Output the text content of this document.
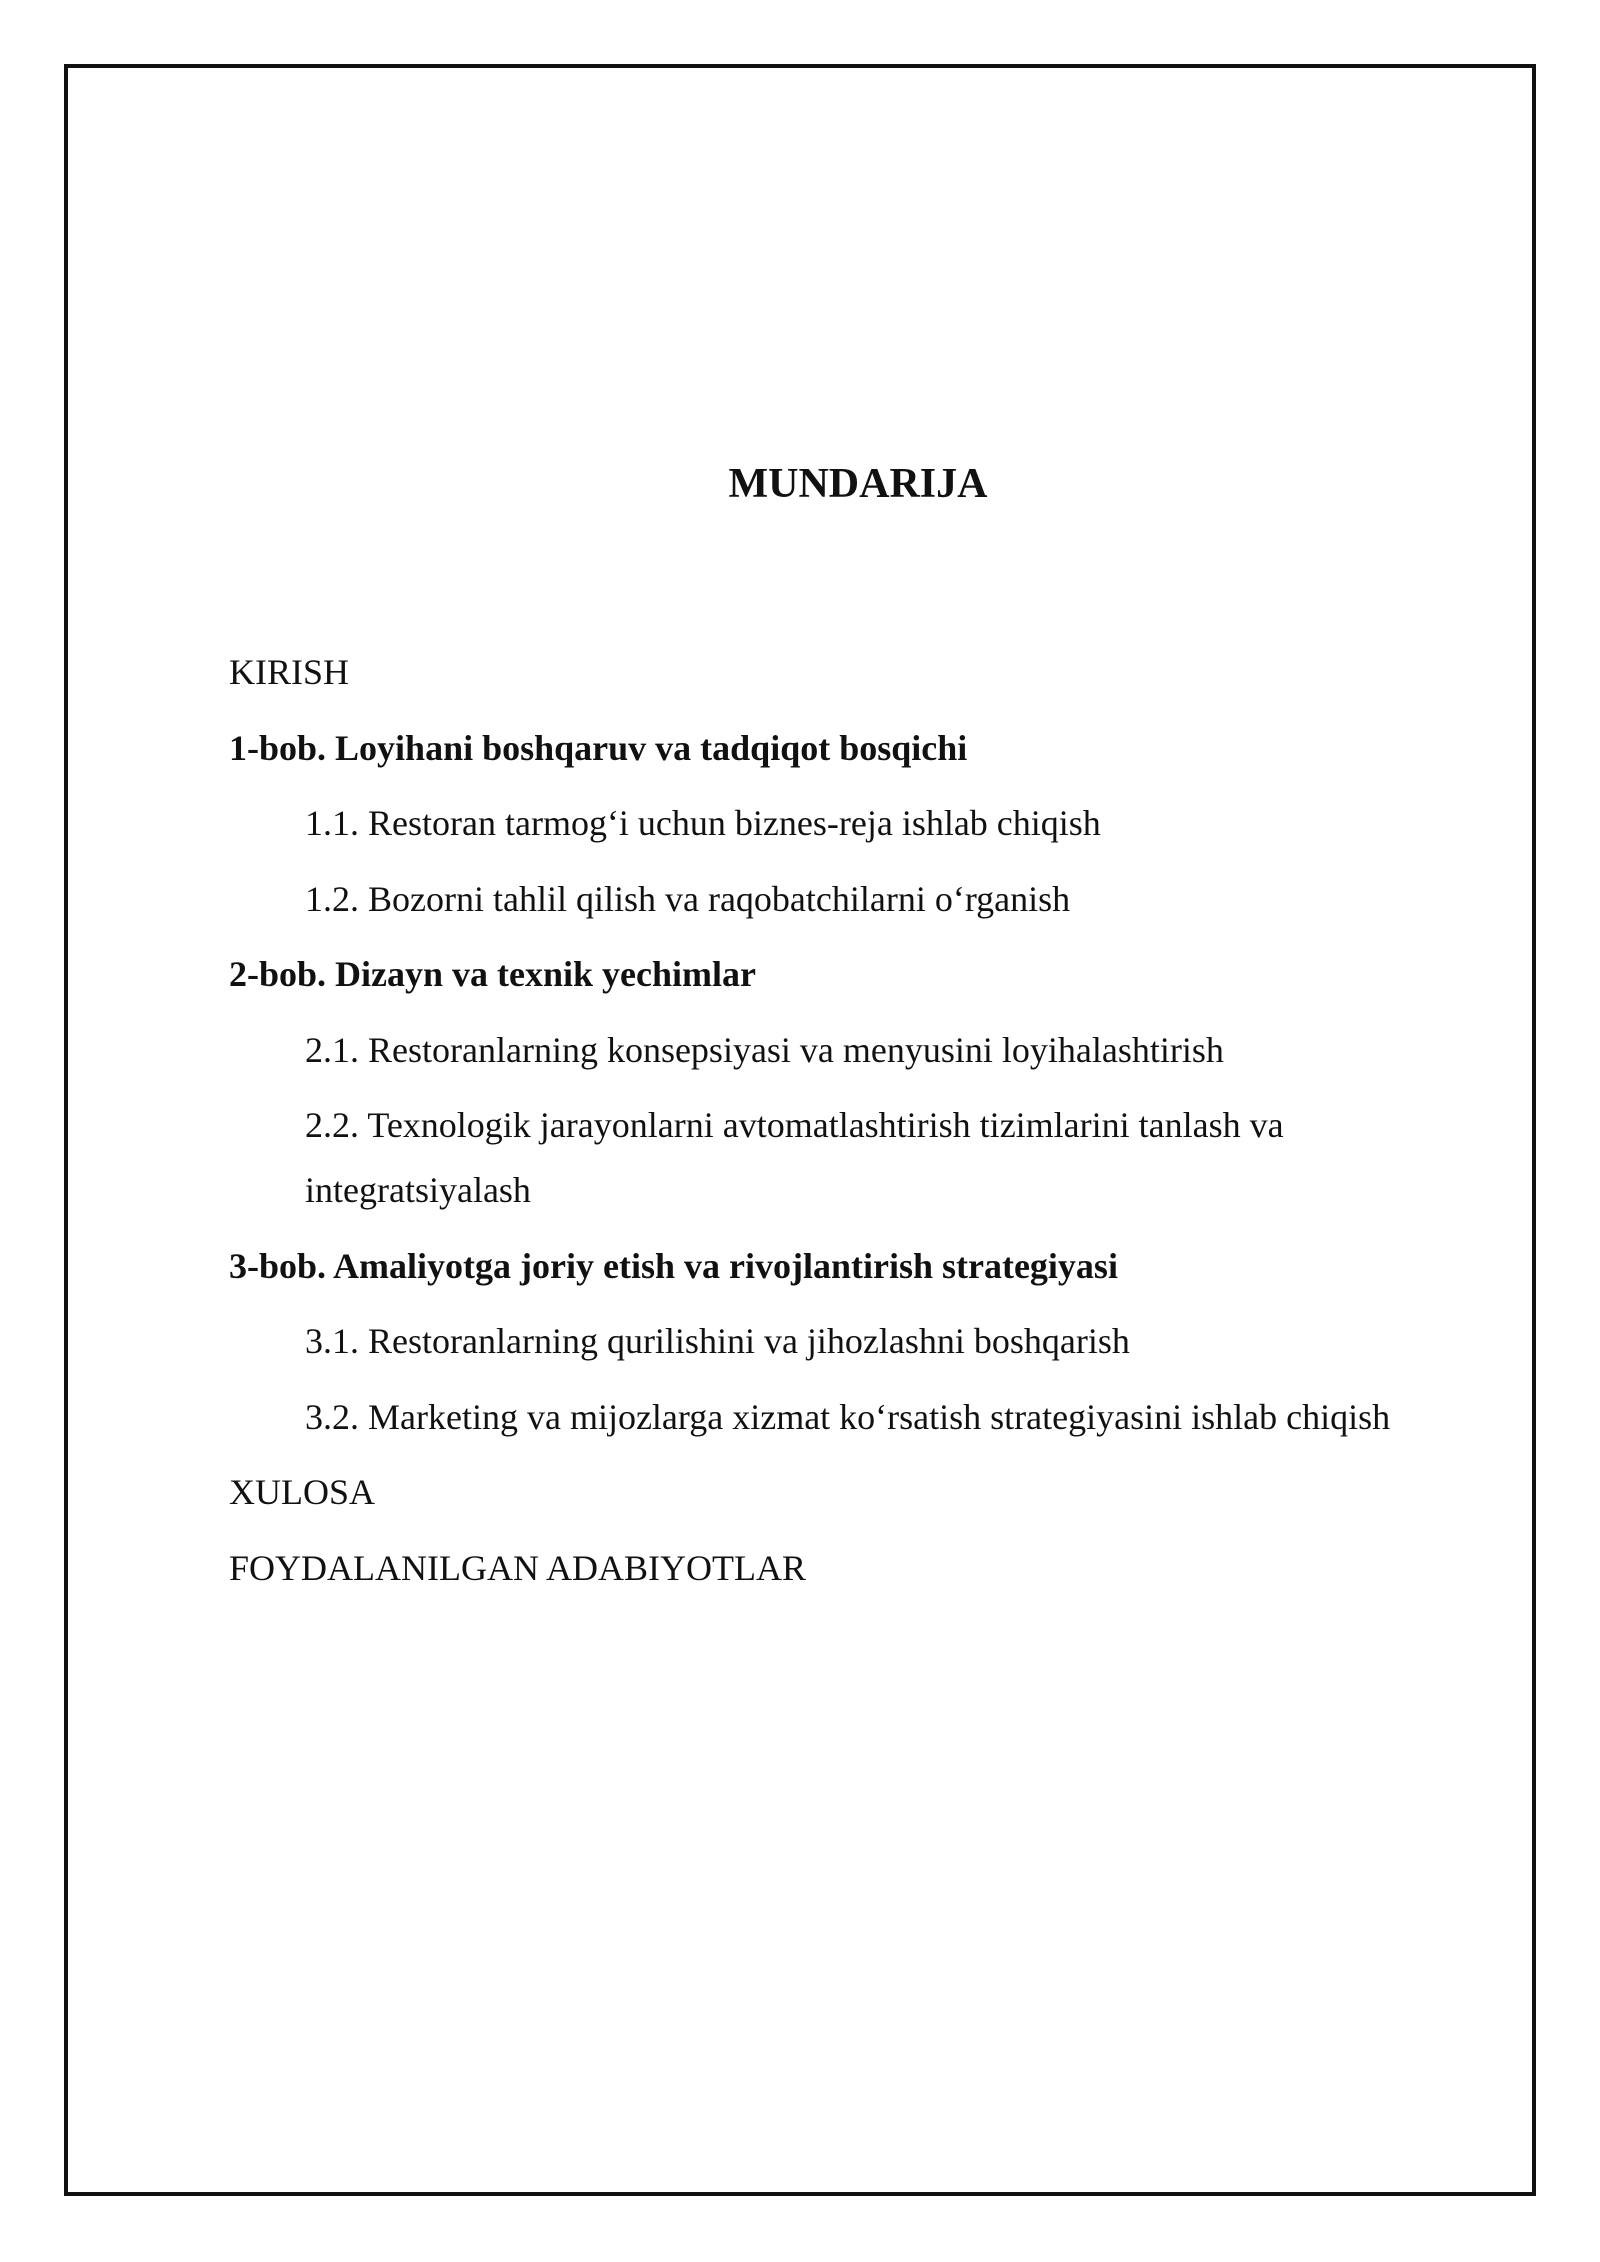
MUNDARIJA
KIRISH
1-bob. Loyihani boshqaruv va tadqiqot bosqichi
1.1. Restoran tarmog‘i uchun biznes-reja ishlab chiqish
1.2. Bozorni tahlil qilish va raqobatchilarni o‘rganish
2-bob. Dizayn va texnik yechimlar
2.1. Restoranlarning konsepsiyasi va menyusini loyihalashtirish
2.2. Texnologik jarayonlarni avtomatlashtirish tizimlarini tanlash va integratsiyalash
3-bob. Amaliyotga joriy etish va rivojlantirish strategiyasi
3.1. Restoranlarning qurilishini va jihozlashni boshqarish
3.2. Marketing va mijozlarga xizmat ko‘rsatish strategiyasini ishlab chiqish
XULOSA
FOYDALANILGAN ADABIYOTLAR
